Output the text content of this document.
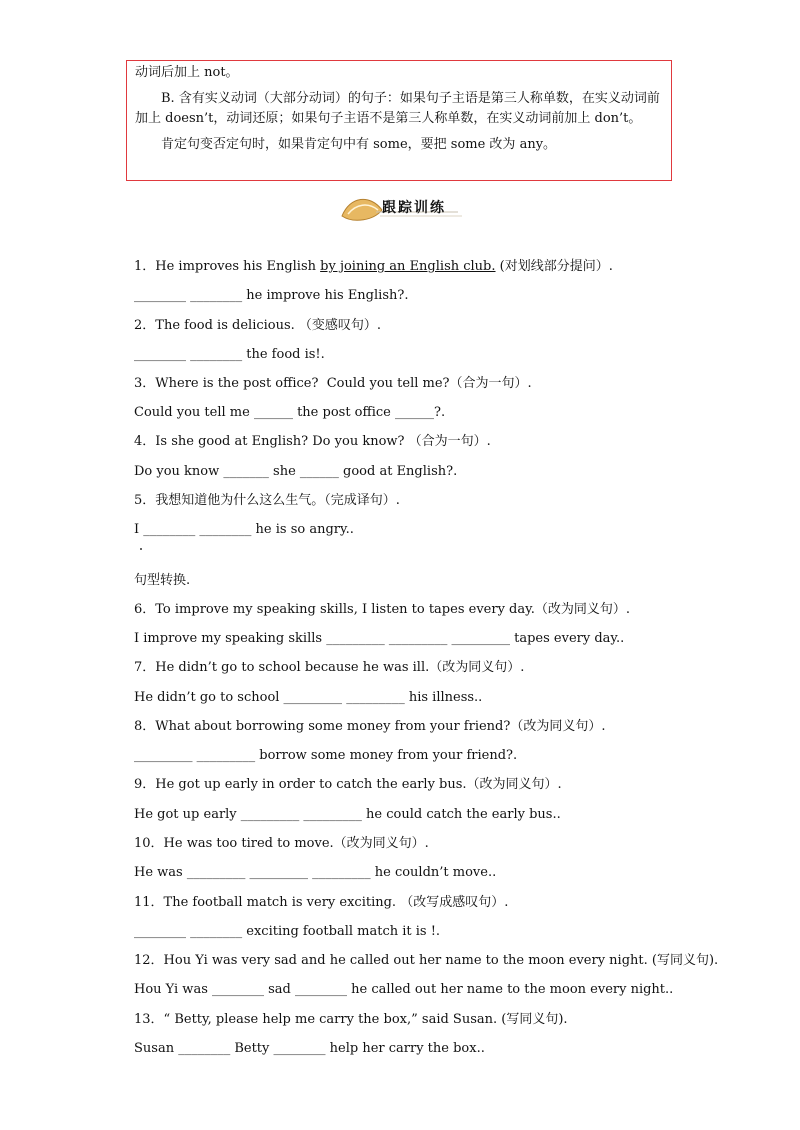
动词后加上 not。

B. 含有实义动词（大部分动词）的句子：如果句子主语是第三人称单数，在实义动词前加上 doesn’t，动词还原；如果句子主语不是第三人称单数，在实义动词前加上 don’t。

肯定句变否定句时，如果肯定句中有 some，要把 some 改为 any。

跟踪训练
1．He improves his English by joining an English club. (对划线部分提问）.
________ ________ he improve his English?.
2．The food is delicious. （变感叹句）.
________ ________ the food is!.
3．Where is the post office?  Could you tell me?（合为一句）.
Could you tell me ______ the post office ______?.
4．Is she good at English? Do you know? （合为一句）.
Do you know _______ she ______ good at English?.
5．我想知道他为什么这么生气。（完成译句）.
I ________ ________ he is so angry..
句型转换.
6．To improve my speaking skills, I listen to tapes every day.（改为同义句）.
I improve my speaking skills _________ _________ _________ tapes every day..
7．He didn’t go to school because he was ill.（改为同义句）.
He didn’t go to school _________ _________ his illness..
8．What about borrowing some money from your friend?（改为同义句）.
_________ _________ borrow some money from your friend?.
9．He got up early in order to catch the early bus.（改为同义句）.
He got up early _________ _________ he could catch the early bus..
10．He was too tired to move.（改为同义句）.
He was _________ _________ _________ he couldn’t move..
11．The football match is very exciting. （改写成感叹句）.
________ ________ exciting football match it is !.
12．Hou Yi was very sad and he called out her name to the moon every night. (写同义句).
Hou Yi was ________ sad ________ he called out her name to the moon every night..
13．“ Betty, please help me carry the box,” said Susan. (写同义句).
Susan ________ Betty ________ help her carry the box..
